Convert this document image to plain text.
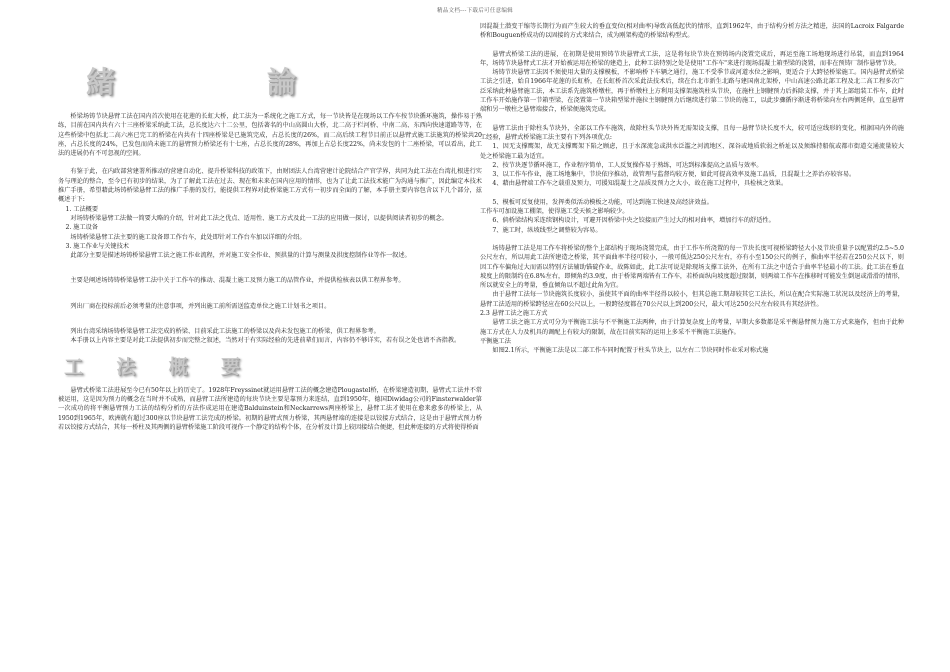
精品文档---下载后可任意编辑
緒	論

桥梁场铸节块悬臂工法在国内首次使用在花莲的长虹大桥，此工法为一系统化之施工方式，每一节块皆是在现场以工作车按节块循环施筑，操作易于熟练，目前在国内共有六十三座桥梁采纳此工法，总长度达六十二公里，包括著名的中山高圆山大桥，北二高于栏河桥、中南二高、东西向快速道路等等，在这些桥梁中包括北二高六座已完工的桥梁在内共有十四座桥梁是已施筑完成，占总长度的26%，而二高后续工程节目前正以悬臂式施工法施筑的桥梁共20座，占总长度的24%，已发包而尚未施工的悬臂预力桥梁还有十七座，占总长度的28%，再加上占总长度22%，尚未发包的十二座桥梁，可以看出，此工法的进展仍有不可忽视的空间。

有鉴于此，在内政部营建署所推动的营建自动化、提升桥梁科技的政策下，由财团法人台湾营建计论院结合产官学界，共同为此工法在台湾扎根进行实务与理论的整合，至今已有初步的结果，为了了解此工法在过去、现在和未来在国内应用的情形，也为了让此工法技术能广为沟通与推广，因此编定本技术推广手册，希望藉此场铸桥梁悬臂工法的推广手册的发行，能提供工程界对此桥梁施工方式有一初步而全面的了解，本手册主要内容包含以下几个部分，兹概述于下:

1. 工法概要

对场铸桥梁悬臂工法做一简要大略的介绍，针对此工法之优点、适用性、施工方式及此一工法的应用做一探讨，以提供阅读者初步的概念。

2. 施工设备

场铸桥梁悬臂工法主要的施工设备即工作台车，此处即针对工作台车加以详细的介绍。

3. 施工作业与关键技术

此部分主要是描述场铸桥梁悬臂工法之施工作业流程，并对施工安全作业、预拱量的计算与测量及拱度控制作业等作一叙述。

主要是阐述场铸铸桥梁悬臂工法中关于工作车的推动、混凝土施工及预力施工的品管作业，并提供检核表以供工程界参考。

列出厂商在投标前后必须考量的注意事项，并列出施工前所需送监造单位之施工计划书之项目。

列出台湾采纳场铸桥梁悬臂工法完成的桥梁、目前采此工法施工的桥梁以及尚未发包施工的桥梁，供工程界参考。

本手册以上内容主要是对此工法提供初步而完整之叙述，当然对于有实际经验的先进前辈们而言，内容仍不够详实，若有误之处也请不吝指教。

工 法 概 要

悬臂式桥梁工法进展至今已有50年以上的历史了。1928年Freyssinet就运用悬臂工法的概念建造Plougastel桥，在桥梁建造初期，悬臂式工法并不常被运用，这是因为预力的概念在当时并不成熟，而悬臂工法所建造的每块节块主要是靠预力来连结，直到1950年，德国Diwidag公司的Finsterwalder第一次成功的将平衡悬臂预力工法的结构分析的方法作成运用在建造Balduinstein和Neckarrews两座桥梁上，悬臂工法才使用在愈来愈多的桥梁上，从1950到1965年，欧洲就有超过300座以节块悬臂工法完成的桥梁。初期的悬臂式预力桥梁，其两悬臂端的连接是以铰接方式结合，这是由于悬臂式预力桥若以铰接方式结合，其每一桥柱及其两侧的悬臂桥梁施工阶段可视作一个静定的结构个体，在分析及计算上较因接结合便捷，但此种连接的方式将使得桥面

因混凝土潜变干缩等长期行为而产生较大的垂直变位(相对曲率)导致高低起伏的情形，直到1962年，由于结构分析方法之精进，法国的Lacroix Falgarde桥和Bouguen桥成功的以固接的方式来结合，成为刚架构造的桥梁结构型式。

悬臂式桥梁工法的进展，在初期是使用预铸节块悬臂式工法，这是将每块节块在预铸场内浇置完成后，再运至施工场地现场进行吊装，而直到1964年，场铸节块悬臂式工法才开始被运用在桥梁的建造上，此种工法特别之处是使用"工作车"来进行现场混凝土箱型梁的浇置，而非在预铸厂制作悬臂节块。

场铸节块悬臂工法因不须使用大量的支撑模板，不影响桥下车辆之通行，施工不受季节或河道水位之影响，更适合于大跨径桥梁施工。国内悬臂式桥梁工法之引进，始自1966年花莲的长虹桥，在长虹桥首次采此法技术后，续在台北市新生北路与建国南北架桥，中山高速公路北部工程及北二高工程多次广泛采纳此种悬臂施工法，本工法系先施筑桥墩柱，再于桥墩柱上方利用支撑架施筑柱头节块，在施柱上钢腱预力后拆除支撑，并于其上部组装工作车，此时工作车开始施作第一节箱型梁，在浇置第一节块箱型梁并施拉主钢腱预力后继续进行第二节块的施工，以此步骤循序渐进将桥梁向左右两侧延伸，直至悬臂端和另一墩柱之悬臂端接合，桥梁便施筑完成。

悬臂工法由于除柱头节块外，全部以工作车施筑，故除柱头节块外皆无需架设支撑，且每一悬臂节块长度不大，较可适应线形的变化，根据国内外的施工经验，悬臂式桥梁施工法主要有下列各项优点:

1、因无支撑鹰架，故无支撑鹰架下陷之顾虑，且于水深流急或洪水泛滥之河流地区、深谷或地质软弱之桥址以及须维持船航或都市街道交通流量较大处之桥梁施工最为适宜。

2、按节块逐节循环施工，作业程序简单，工人反复操作易于熟练，可达到标准提高之品质与效率。

3、以工作车作业，施工场地集中，节块依序推动，故管理与监督均较方便，如此可提高效率及施工品质，且混凝土之养治亦较容易。

4、藉由悬臂端工作车之载重及预力，可援知混凝土之品质及预力之大小，故在施工过程中，具检核之效果。

5、模板可反复使用，发挥类似活动模板之功能，可达到施工快速及高经济效益。

工作车可加设施工棚架，使得施工受天候之影响较少。

6、倘桥梁结构采连续钢构设计，可避开因桥梁中央之铰接而产生过大的相对曲率，增加行车的舒适性。

7、施工时，纵坡线型之调整较为容易。

场铸悬臂工法是用工作车将桥梁的整个上部结构于现场浇置完成，由于工作车所浇置的每一节块长度可视桥梁跨径大小及节块重量予以配置约2.5~5.0公尺左右，所以用此工法所建造之桥梁，其平面曲率半径可较小，一般可低达250公尺左右，亦有小至150公尺的例子，推曲率半径若在250公尺以下，则因工作车偏角过大而需以特别方法辅助锚碇作业，故陈如此，此工法可说是除现场支撑工法外，在所有工法之中适合于曲率半径最小的工法。此工法在垂直坡度上的限制约在6.8%左右，即倾角约3.9度，由于桥梁两端皆有工作车，若桥面纵向坡度超过限制，则两端工作车在推移时可能发生倒退或滑滑的情形，所以就安全上的考量，垂直倾角以不超过此角为宜。

由于悬臂工法每一节块施筑长度较小，虽使其平面的曲率半径得以较小，但其总施工期却较其它工法长，所以在配合实际施工状况以及经济上的考量，悬臂工法适用的桥梁跨径应在60公尺以上，一般跨径度都在70公尺以上到200公尺，最大可达250公尺左右较具有其经济性。

2.3 悬臂工法之施工方式

悬臂工法之施工方式可分为平衡施工法与不平衡施工法两种，由于计算复杂度上的考量，早期大多数都是采平衡悬臂预力施工方式来施作，但由于此种施工方式在人力及机具的调配上有较大的限制，故在目前实际的运用上多采不平衡施工法施作。

平衡施工法

如图2.1所示，平衡施工法是以二部工作车同时配置于柱头节块上，以左右二节块同时作业采对称式施
